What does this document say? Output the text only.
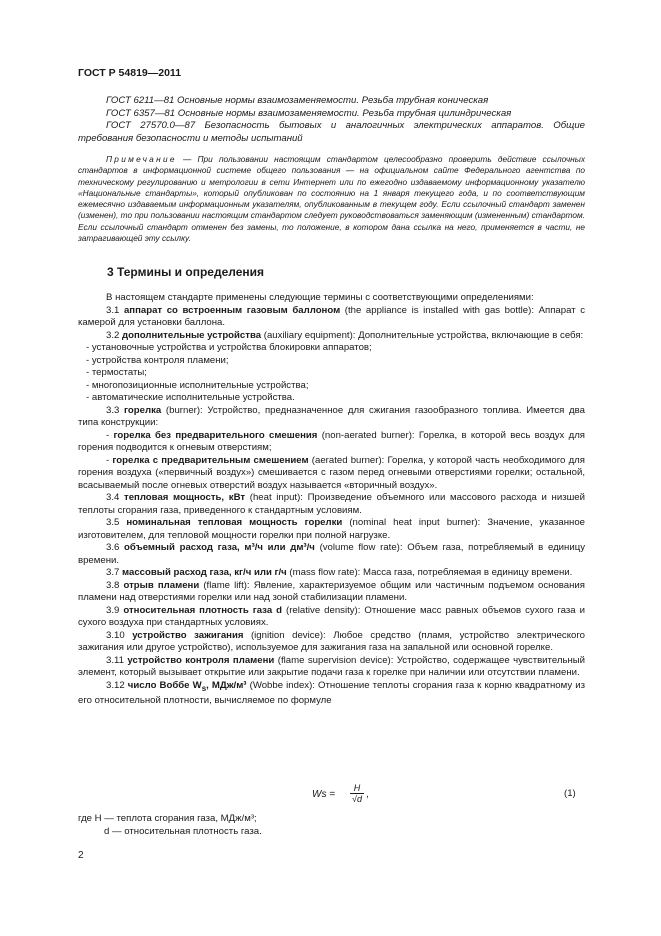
ГОСТ Р 54819—2011

ГОСТ 6211—81 Основные нормы взаимозаменяемости. Резьба трубная коническая

ГОСТ 6357—81 Основные нормы взаимозаменяемости. Резьба трубная цилиндрическая

ГОСТ 27570.0—87 Безопасность бытовых и аналогичных электрических аппаратов. Общие требования безопасности и методы испытаний

Примечание — При пользовании настоящим стандартом целесообразно проверить действие ссылочных стандартов в информационной системе общего пользования — на официальном сайте Федерального агентства по техническому регулированию и метрологии в сети Интернет или по ежегодно издаваемому информационному указателю «Национальные стандарты», который опубликован по состоянию на 1 января текущего года, и по соответствующим ежемесячно издаваемым информационным указателям, опубликованным в текущем году. Если ссылочный стандарт заменен (изменен), то при пользовании настоящим стандартом следует руководствоваться заменяющим (измененным) стандартом. Если ссылочный стандарт отменен без замены, то положение, в котором дана ссылка на него, применяется в части, не затрагивающей эту ссылку.

3 Термины и определения

В настоящем стандарте применены следующие термины с соответствующими определениями:

3.1 аппарат со встроенным газовым баллоном (the appliance is installed with gas bottle): Аппарат с камерой для установки баллона.

3.2 дополнительные устройства (auxiliary equipment): Дополнительные устройства, включающие в себя:

- установочные устройства и устройства блокировки аппаратов;

- устройства контроля пламени;

- термостаты;

- многопозиционные исполнительные устройства;

- автоматические исполнительные устройства.

3.3 горелка (burner): Устройство, предназначенное для сжигания газообразного топлива. Имеется два типа конструкции:

- горелка без предварительного смешения (non-aerated burner): Горелка, в которой весь воздух для горения подводится к огневым отверстиям;

- горелка с предварительным смешением (aerated burner): Горелка, у которой часть необходимого для горения воздуха («первичный воздух») смешивается с газом перед огневыми отверстиями горелки; остальной, всасываемый после огневых отверстий воздух называется «вторичный воздух».

3.4 тепловая мощность, кВт (heat input): Произведение объемного или массового расхода и низшей теплоты сгорания газа, приведенного к стандартным условиям.

3.5 номинальная тепловая мощность горелки (nominal heat input burner): Значение, указанное изготовителем, для тепловой мощности горелки при полной нагрузке.

3.6 объемный расход газа, м³/ч или дм³/ч (volume flow rate): Объем газа, потребляемый в единицу времени.

3.7 массовый расход газа, кг/ч или г/ч (mass flow rate): Масса газа, потребляемая в единицу времени.

3.8 отрыв пламени (flame lift): Явление, характеризуемое общим или частичным подъемом основания пламени над отверстиями горелки или над зоной стабилизации пламени.

3.9 относительная плотность газа d (relative density): Отношение масс равных объемов сухого газа и сухого воздуха при стандартных условиях.

3.10 устройство зажигания (ignition device): Любое средство (пламя, устройство электрического зажигания или другое устройство), используемое для зажигания газа на запальной или основной горелке.

3.11 устройство контроля пламени (flame supervision device): Устройство, содержащее чувствительный элемент, который вызывает открытие или закрытие подачи газа к горелке при наличии или отсутствии пламени.

3.12 число Воббе $W_s$, МДж/м³ (Wobbe index): Отношение теплоты сгорания газа к корню квадратному из его относительной плотности, вычисляемое по формуле

$Ws = \frac{H}{√d}$ ,	(1)

где H — теплота сгорания газа, МДж/м³;

d — относительная плотность газа.

2
